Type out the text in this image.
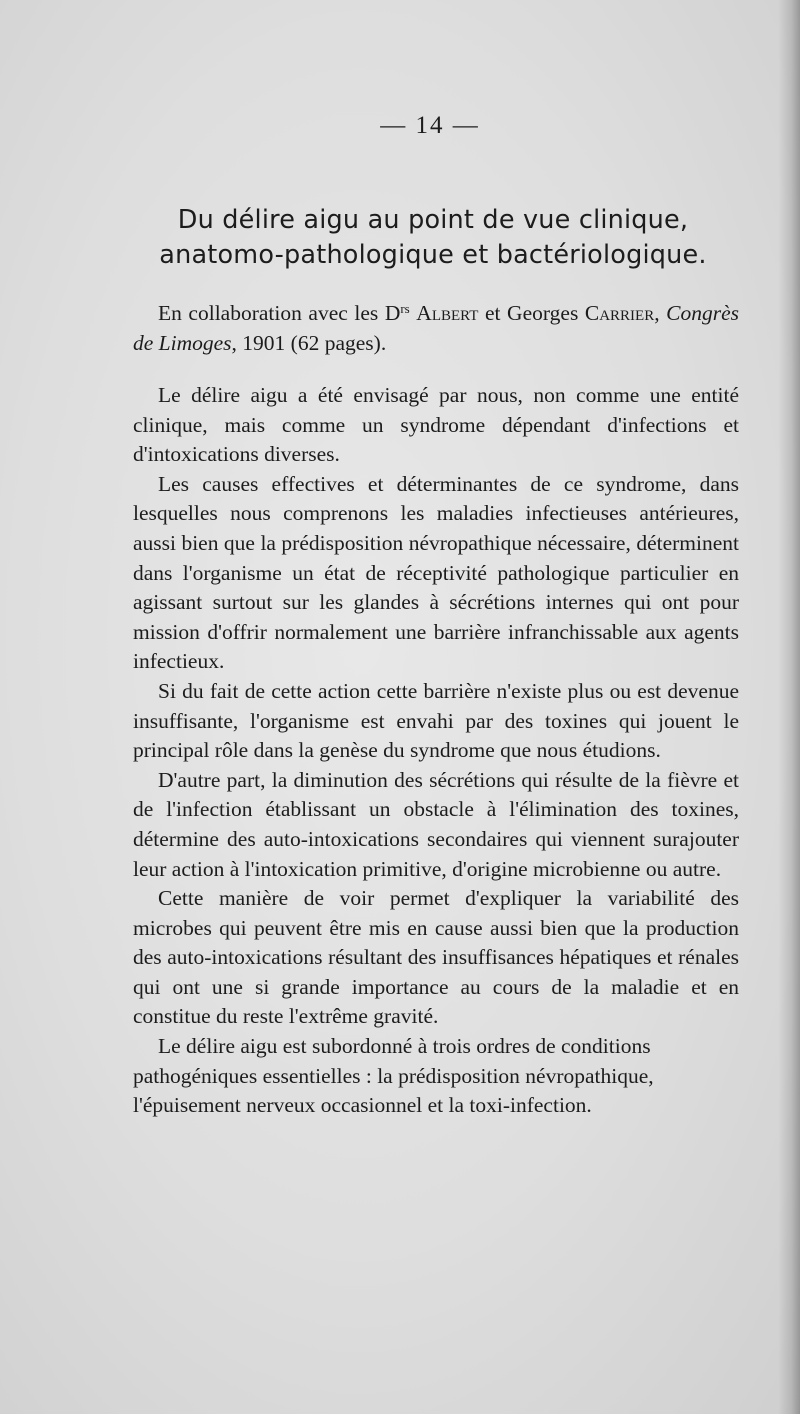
— 14 —
Du délire aigu au point de vue clinique, anatomo-pathologique et bactériologique.

En collaboration avec les $D^{rs}$ Albert et Georges Carrier, Congrès de Limoges, 1901 (62 pages).

Le délire aigu a été envisagé par nous, non comme une entité clinique, mais comme un syndrome dépendant d'infections et d'intoxications diverses.

Les causes effectives et déterminantes de ce syndrome, dans lesquelles nous comprenons les maladies infectieuses antérieures, aussi bien que la prédisposition névropathique nécessaire, déterminent dans l'organisme un état de réceptivité pathologique particulier en agissant surtout sur les glandes à sécrétions internes qui ont pour mission d'offrir normalement une barrière infranchissable aux agents infectieux.

Si du fait de cette action cette barrière n'existe plus ou est devenue insuffisante, l'organisme est envahi par des toxines qui jouent le principal rôle dans la genèse du syndrome que nous étudions.

D'autre part, la diminution des sécrétions qui résulte de la fièvre et de l'infection établissant un obstacle à l'élimination des toxines, détermine des auto-intoxications secondaires qui viennent surajouter leur action à l'intoxication primitive, d'origine microbienne ou autre.

Cette manière de voir permet d'expliquer la variabilité des microbes qui peuvent être mis en cause aussi bien que la production des auto-intoxications résultant des insuffisances hépatiques et rénales qui ont une si grande importance au cours de la maladie et en constitue du reste l'extrême gravité.

Le délire aigu est subordonné à trois ordres de conditions pathogéniques essentielles : la prédisposition névropathique, l'épuisement nerveux occasionnel et la toxi-infection.
